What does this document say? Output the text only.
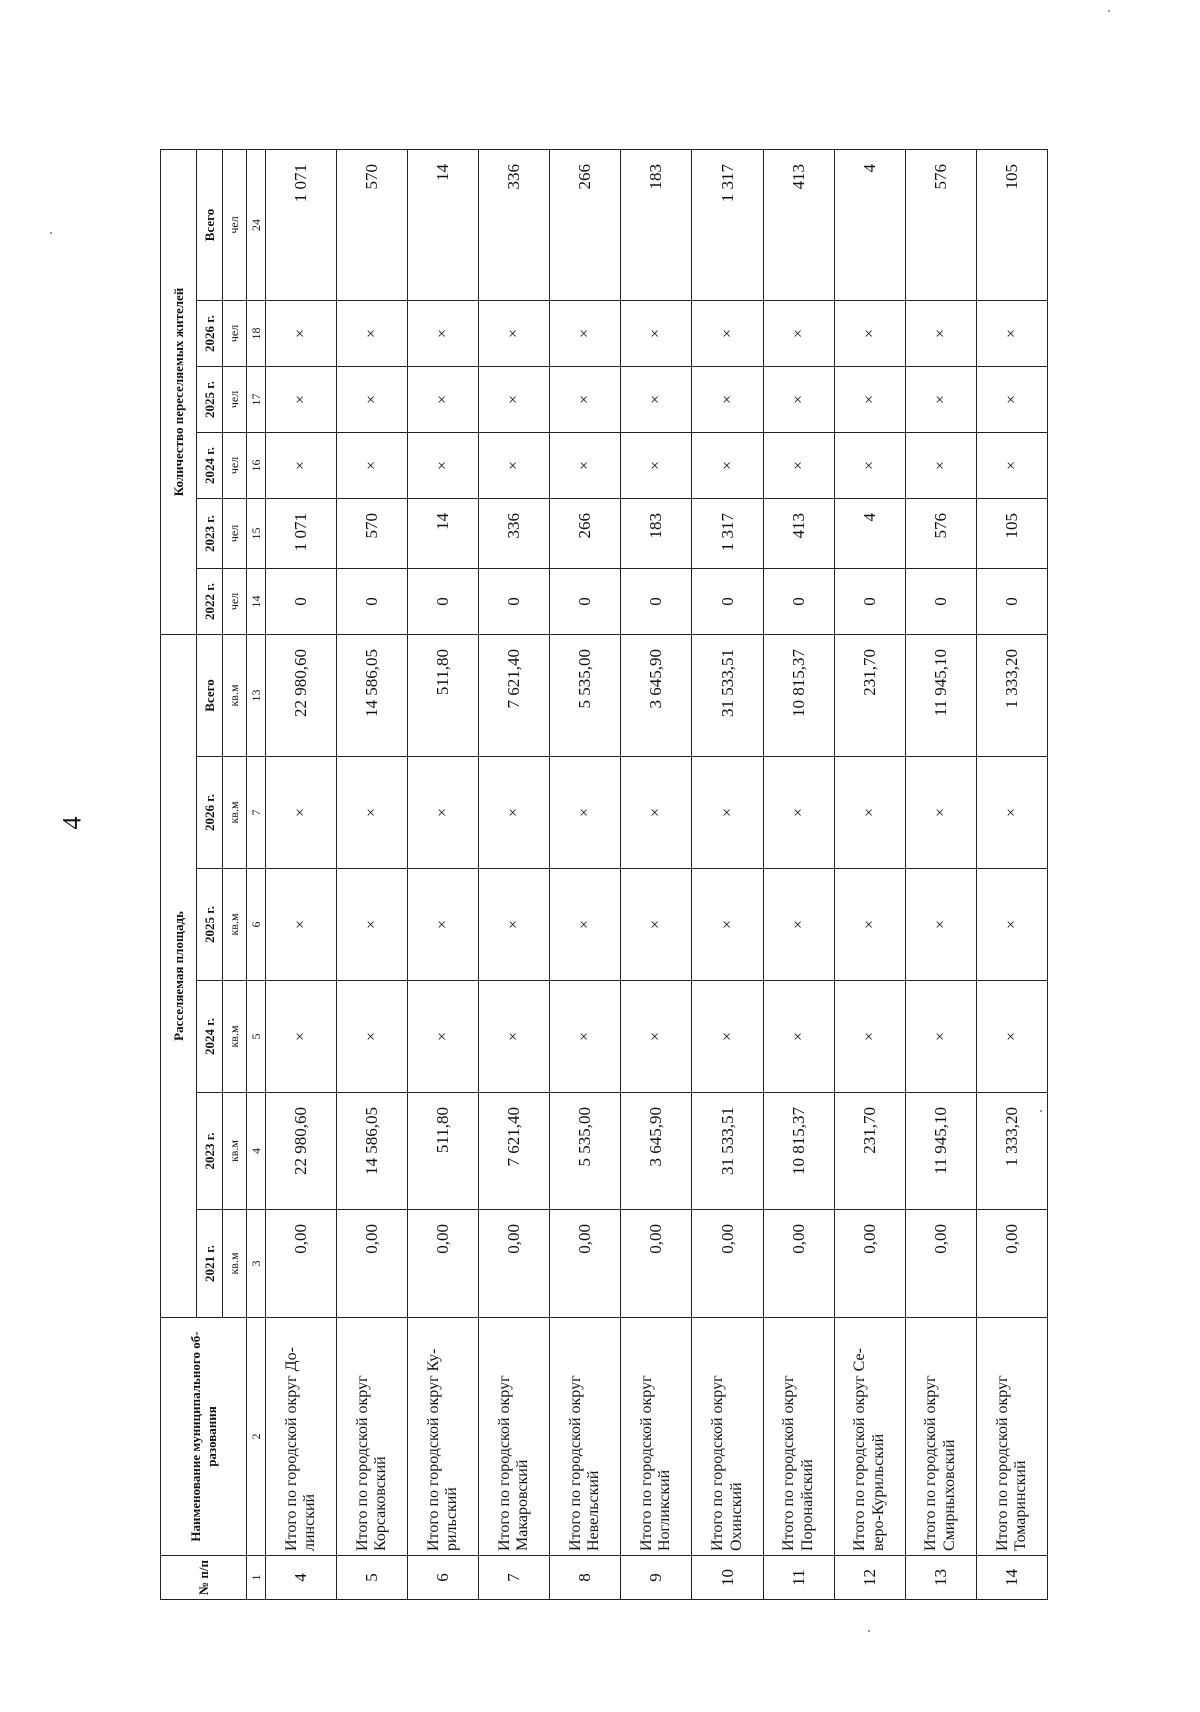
4
№ п/п	Наименование муниципального об-разования	Расселяемая площадь						Количество переселяемых жителей					
		2021 г.	2023 г.	2024 г.	2025 г.	2026 г.	Всего	2022 г.	2023 г.	2024 г.	2025 г.	2026 г.	Всего
		кв.м	кв.м	кв.м	кв.м	кв.м	кв.м	чел	чел	чел	чел	чел	чел
1	2	3	4	5	6	7	13	14	15	16	17	18	24
4	Итого по городской округ До-линский	0,00	22 980,60	×	×	×	22 980,60	0	1 071	×	×	×	1 071
5	Итого по городской округ Корсаковский	0,00	14 586,05	×	×	×	14 586,05	0	570	×	×	×	570
6	Итого по городской округ Ку-рильский	0,00	511,80	×	×	×	511,80	0	14	×	×	×	14
7	Итого по городской округ Макаровский	0,00	7 621,40	×	×	×	7 621,40	0	336	×	×	×	336
8	Итого по городской округ Невельский	0,00	5 535,00	×	×	×	5 535,00	0	266	×	×	×	266
9	Итого по городской округ Ногликский	0,00	3 645,90	×	×	×	3 645,90	0	183	×	×	×	183
10	Итого по городской округ Охинский	0,00	31 533,51	×	×	×	31 533,51	0	1 317	×	×	×	1 317
11	Итого по городской округ Поронайский	0,00	10 815,37	×	×	×	10 815,37	0	413	×	×	×	413
12	Итого по городской округ Се-веро-Курильский	0,00	231,70	×	×	×	231,70	0	4	×	×	×	4
13	Итого по городской округ Смирныховский	0,00	11 945,10	×	×	×	11 945,10	0	576	×	×	×	576
14	Итого по городской округ Томаринский	0,00	1 333,20	×	×	×	1 333,20	0	105	×	×	×	105
